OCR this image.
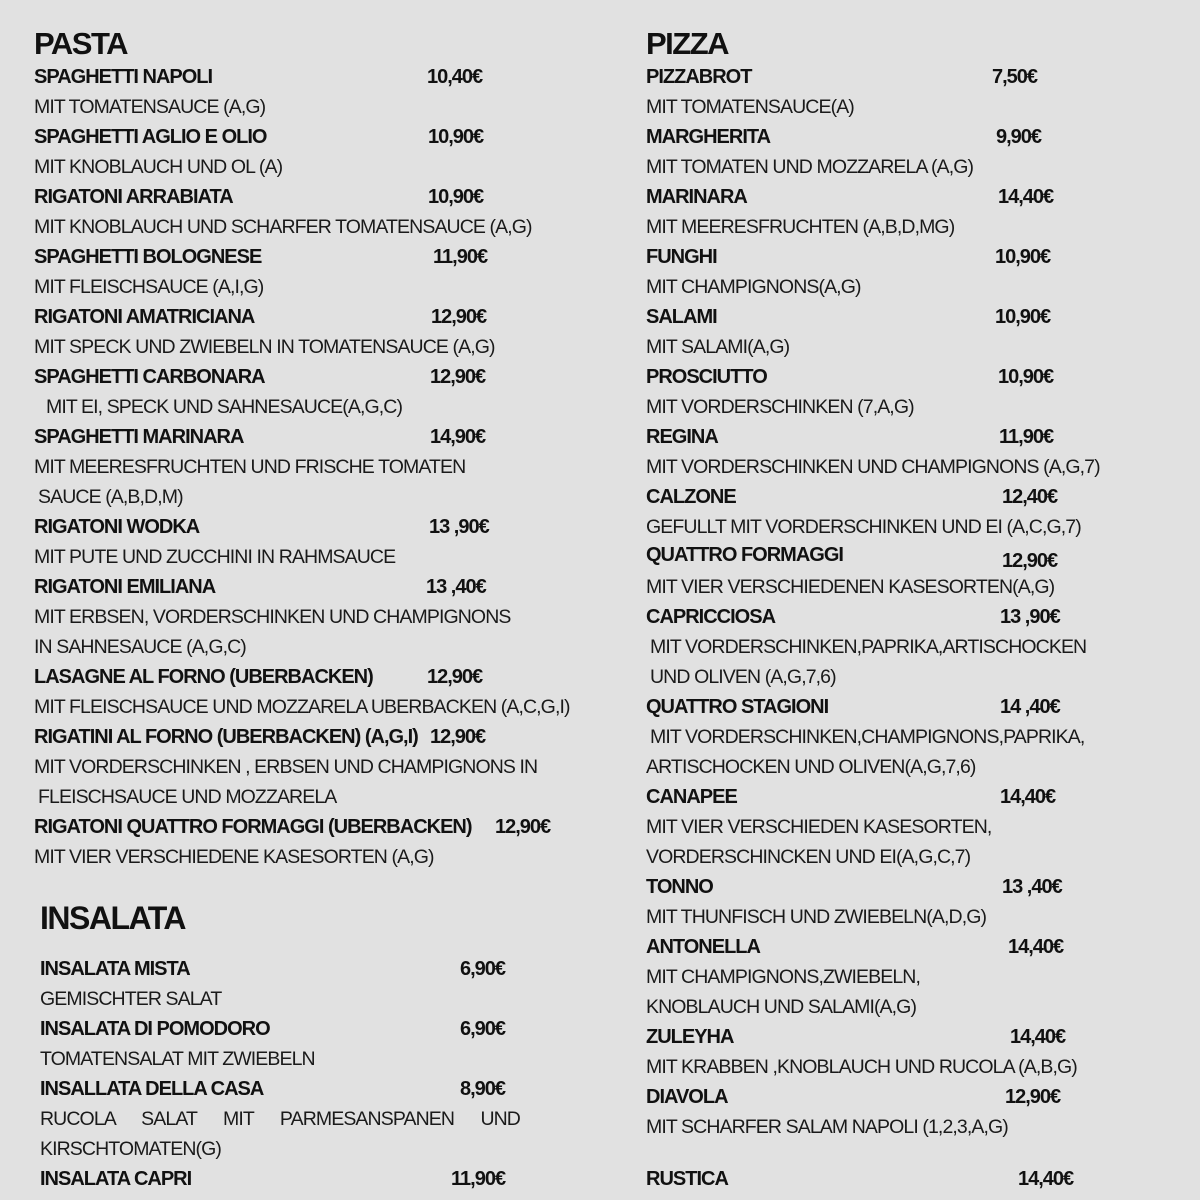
PASTA
SPAGHETTI NAPOLI	10,40€
MIT TOMATENSAUCE (A,G)
SPAGHETTI AGLIO E OLIO	10,90€
MIT KNOBLAUCH UND OL (A)
RIGATONI ARRABIATA	10,90€
MIT KNOBLAUCH UND SCHARFER TOMATENSAUCE (A,G)
SPAGHETTI BOLOGNESE	11,90€
MIT FLEISCHSAUCE (A,I,G)
RIGATONI AMATRICIANA	12,90€
MIT SPECK UND ZWIEBELN IN TOMATENSAUCE (A,G)
SPAGHETTI CARBONARA	12,90€
MIT EI, SPECK UND SAHNESAUCE(A,G,C)
SPAGHETTI MARINARA	14,90€
MIT MEERESFRUCHTEN UND FRISCHE TOMATEN
SAUCE (A,B,D,M)
RIGATONI WODKA	13 ,90€
MIT PUTE UND ZUCCHINI IN RAHMSAUCE
RIGATONI EMILIANA	13 ,40€
MIT ERBSEN, VORDERSCHINKEN UND CHAMPIGNONS
IN SAHNESAUCE (A,G,C)
LASAGNE AL FORNO (UBERBACKEN)	12,90€
MIT FLEISCHSAUCE UND MOZZARELA UBERBACKEN (A,C,G,I)
RIGATINI AL FORNO (UBERBACKEN) (A,G,I) 12,90€
MIT VORDERSCHINKEN , ERBSEN UND CHAMPIGNONS IN
FLEISCHSAUCE UND MOZZARELA
RIGATONI QUATTRO FORMAGGI (UBERBACKEN) 12,90€
MIT VIER VERSCHIEDENE KASESORTEN (A,G)
INSALATA
INSALATA MISTA	6,90€
GEMISCHTER SALAT
INSALATA DI POMODORO	6,90€
TOMATENSALAT MIT ZWIEBELN
INSALLATA DELLA CASA	8,90€
RUCOLA SALAT MIT PARMESANSPANEN UND KIRSCHTOMATEN(G)
INSALATA CAPRI	11,90€
PIZZA
PIZZABROT	7,50€
MIT TOMATENSAUCE(A)
MARGHERITA	9,90€
MIT TOMATEN UND MOZZARELA (A,G)
MARINARA	14,40€
MIT MEERESFRUCHTEN (A,B,D,MG)
FUNGHI	10,90€
MIT CHAMPIGNONS(A,G)
SALAMI	10,90€
MIT SALAMI(A,G)
PROSCIUTTO	10,90€
MIT VORDERSCHINKEN (7,A,G)
REGINA	11,90€
MIT VORDERSCHINKEN UND CHAMPIGNONS (A,G,7)
CALZONE	12,40€
GEFULLT MIT VORDERSCHINKEN UND EI (A,C,G,7)
QUATTRO FORMAGGI	12,90€
MIT VIER VERSCHIEDENEN KASESORTEN(A,G)
CAPRICCIOSA	13 ,90€
MIT VORDERSCHINKEN,PAPRIKA,ARTISCHOCKEN
UND OLIVEN (A,G,7,6)
QUATTRO STAGIONI	14 ,40€
MIT VORDERSCHINKEN,CHAMPIGNONS,PAPRIKA,
ARTISCHOCKEN UND OLIVEN(A,G,7,6)
CANAPEE	14,40€
MIT VIER VERSCHIEDEN KASESORTEN,
VORDERSCHINCKEN UND EI(A,G,C,7)
TONNO	13 ,40€
MIT THUNFISCH UND ZWIEBELN(A,D,G)
ANTONELLA	14,40€
MIT CHAMPIGNONS,ZWIEBELN,
KNOBLAUCH UND SALAMI(A,G)
ZULEYHA	14,40€
MIT KRABBEN ,KNOBLAUCH UND RUCOLA (A,B,G)
DIAVOLA	12,90€
MIT SCHARFER SALAM NAPOLI (1,2,3,A,G)
RUSTICA	14,40€
